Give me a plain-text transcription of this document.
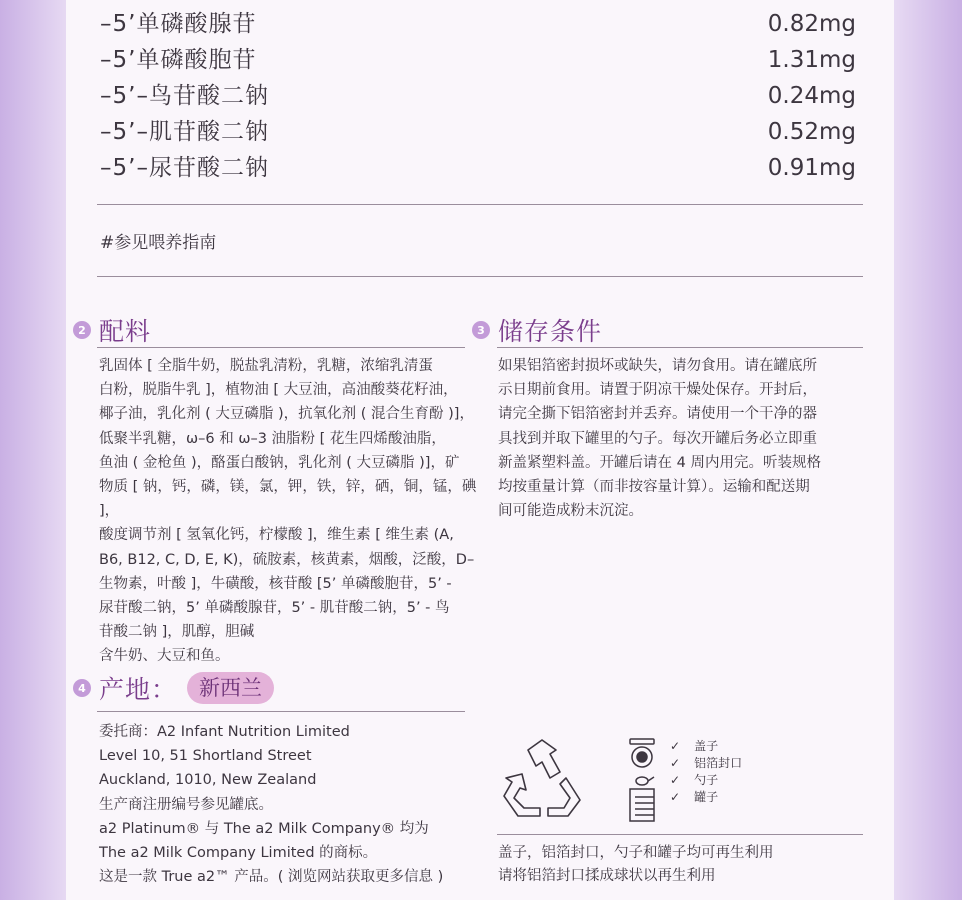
–5’单磷酸腺苷	0.82mg
–5’单磷酸胞苷	1.31mg
–5’–鸟苷酸二钠	0.24mg
–5’–肌苷酸二钠	0.52mg
–5’–尿苷酸二钠	0.91mg
#参见喂养指南
2 配料
乳固体 [ 全脂牛奶，脱盐乳清粉，乳糖，浓缩乳清蛋
白粉，脱脂牛乳 ]，植物油 [ 大豆油，高油酸葵花籽油，
椰子油，乳化剂 ( 大豆磷脂 )，抗氧化剂 ( 混合生育酚 )]，
低聚半乳糖，ω–6 和 ω–3 油脂粉 [ 花生四烯酸油脂，
鱼油 ( 金枪鱼 )，酪蛋白酸钠，乳化剂 ( 大豆磷脂 )]，矿
物质 [ 钠，钙，磷，镁，氯，钾，铁，锌，硒，铜，锰，碘 ]，
酸度调节剂 [ 氢氧化钙，柠檬酸 ]，维生素 [ 维生素 (A,
B6, B12, C, D, E, K)，硫胺素，核黄素，烟酸，泛酸，D–
生物素，叶酸 ]，牛磺酸，核苷酸 [5’ 单磷酸胞苷，5’ -
尿苷酸二钠，5’ 单磷酸腺苷，5’ - 肌苷酸二钠，5’ - 鸟
苷酸二钠 ]，肌醇，胆碱
含牛奶、大豆和鱼。
3 储存条件
如果铝箔密封损坏或缺失，请勿食用。请在罐底所
示日期前食用。请置于阴凉干燥处保存。开封后，
请完全撕下铝箔密封并丢弃。请使用一个干净的器
具找到并取下罐里的勺子。每次开罐后务必立即重
新盖紧塑料盖。开罐后请在 4 周内用完。听装规格
均按重量计算（而非按容量计算）。运输和配送期
间可能造成粉末沉淀。
4 产地：	新西兰
委托商：A2 Infant Nutrition Limited
Level 10, 51 Shortland Street
Auckland, 1010, New Zealand
生产商注册编号参见罐底。
a2 Platinum® 与 The a2 Milk Company® 均为
The a2 Milk Company Limited 的商标。
这是一款 True a2™ 产品。( 浏览网站获取更多信息 )
✓ 盖子
✓ 铝箔封口
✓ 勺子
✓ 罐子
盖子，铝箔封口，勺子和罐子均可再生利用
请将铝箔封口揉成球状以再生利用
